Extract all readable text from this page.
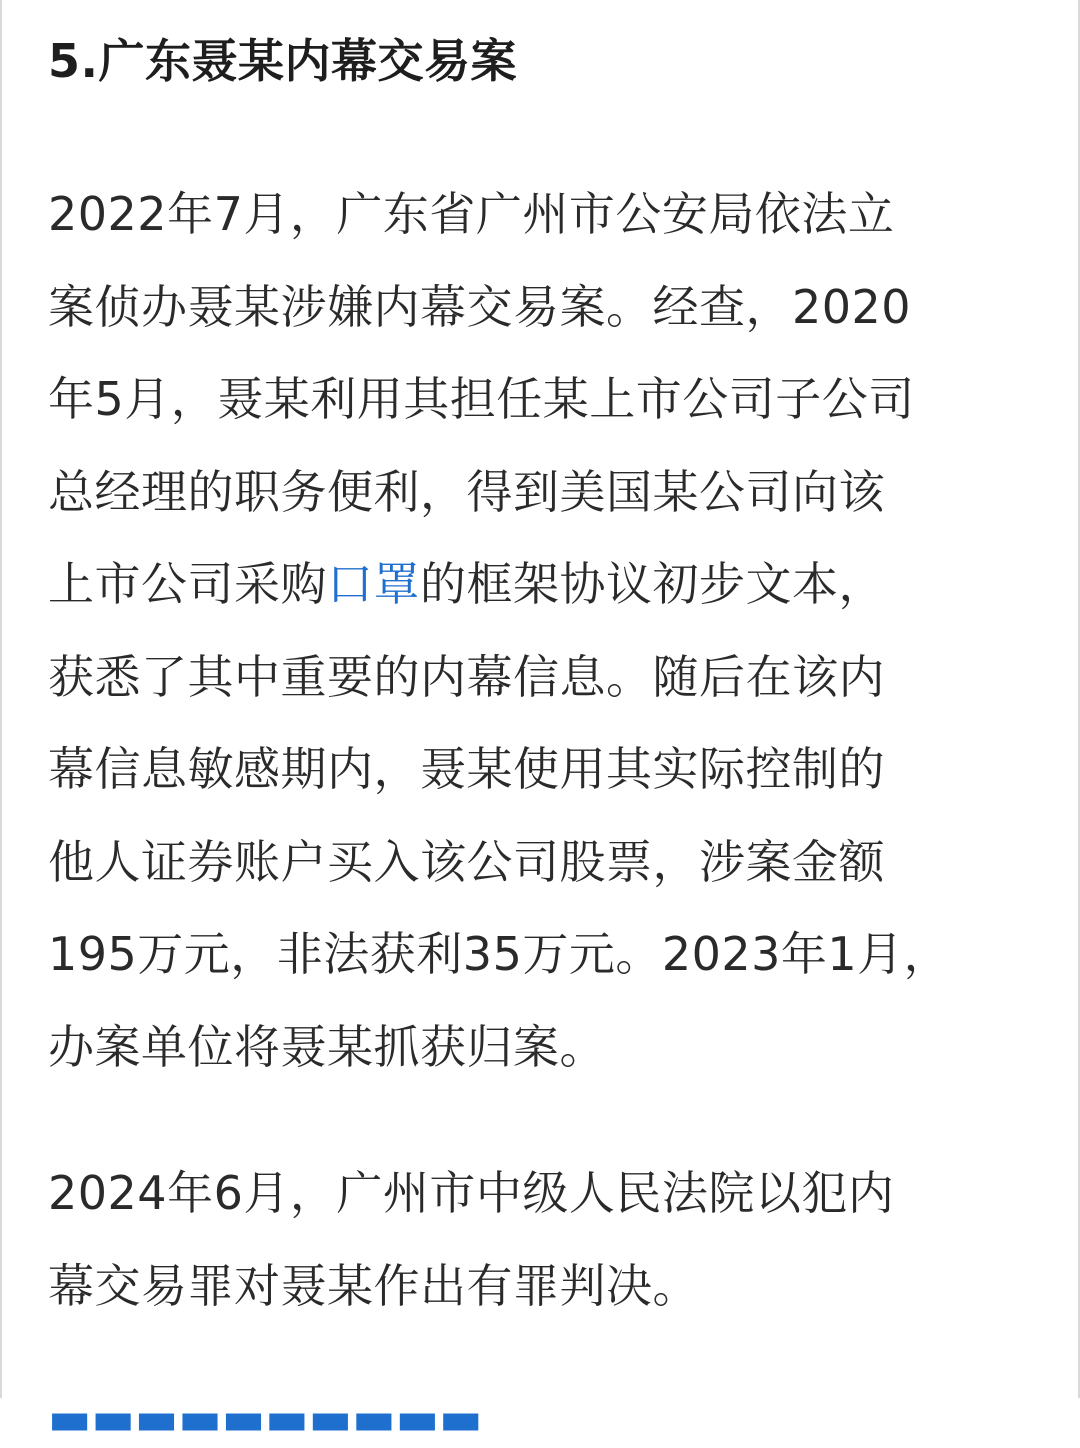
5.广东聂某内幕交易案

2022年7月，广东省广州市公安局依法立
案侦办聂某涉嫌内幕交易案。经查，2020
年5月，聂某利用其担任某上市公司子公司
总经理的职务便利，得到美国某公司向该
上市公司采购口罩的框架协议初步文本，
获悉了其中重要的内幕信息。随后在该内
幕信息敏感期内，聂某使用其实际控制的
他人证券账户买入该公司股票，涉案金额
195万元，非法获利35万元。2023年1月，
办案单位将聂某抓获归案。

2024年6月，广州市中级人民法院以犯内
幕交易罪对聂某作出有罪判决。

▬▬▬▬▬▬▬▬▬▬
